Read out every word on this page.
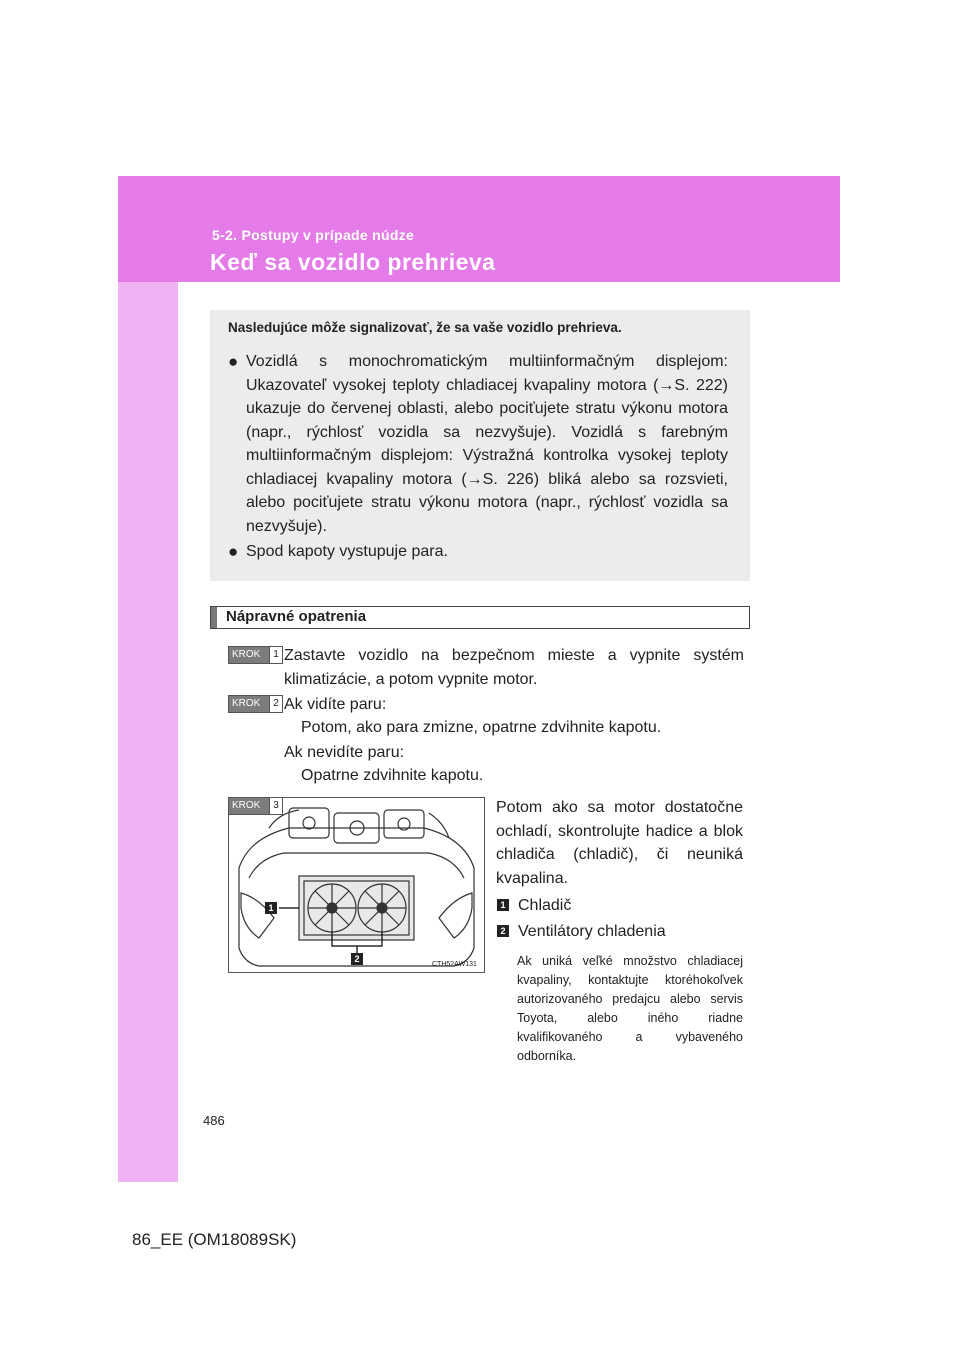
5-2. Postupy v prípade núdze
Keď sa vozidlo prehrieva
Nasledujúce môže signalizovať, že sa vaše vozidlo prehrieva.
● Vozidlá s monochromatickým multiinformačným displejom: Ukazovateľ vysokej teploty chladiacej kvapaliny motora (→S. 222) ukazuje do červenej oblasti, alebo pociťujete stratu výkonu motora (napr., rýchlosť vozidla sa nezvyšuje). Vozidlá s farebným multiinformačným displejom: Výstražná kontrolka vysokej teploty chladiacej kvapaliny motora (→S. 226) bliká alebo sa rozsvieti, alebo pociťujete stratu výkonu motora (napr., rýchlosť vozidla sa nezvyšuje).
● Spod kapoty vystupuje para.
Nápravné opatrenia
KROK	1 Zastavte vozidlo na bezpečnom mieste a vypnite systém klimatizácie, a potom vypnite motor.
KROK	2 Ak vidíte paru:
Potom, ako para zmizne, opatrne zdvihnite kapotu.
Ak nevidíte paru:
Opatrne zdvihnite kapotu.
1
2
CTH52AW131
KROK	3	Potom ako sa motor dostatočne ochladí, skontrolujte hadice a blok chladiča (chladič), či neuniká kvapalina.
1 Chladič
2 Ventilátory chladenia
Ak uniká veľké množstvo chladiacej kvapaliny, kontaktujte ktoréhokoľvek autorizovaného predajcu alebo servis Toyota, alebo iného riadne kvalifikovaného a vybaveného odborníka.
486
86_EE (OM18089SK)
